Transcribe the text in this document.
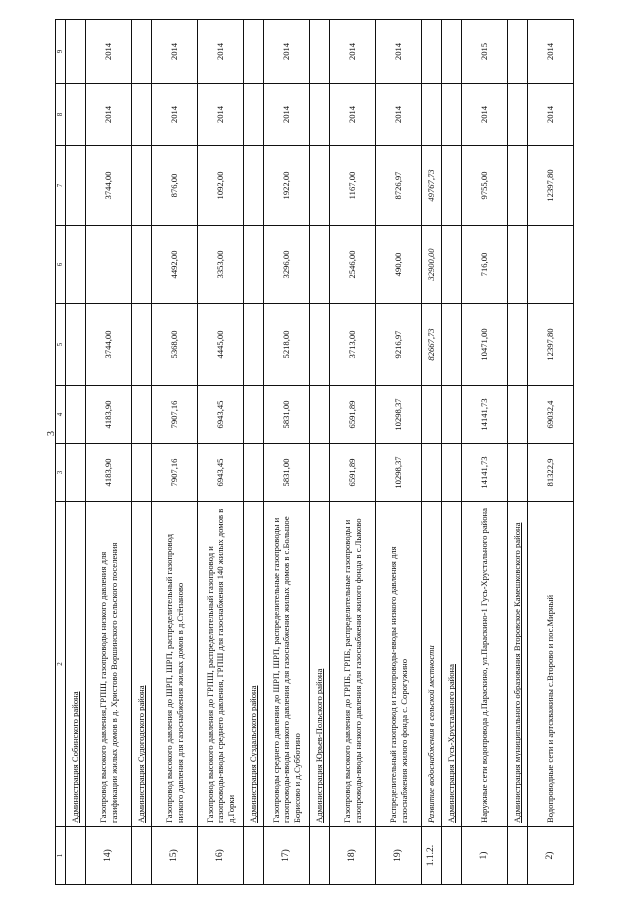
3
1	2	3	4	5	6	7	8	9
	Администрация Собинского района							
14)	Газопровод высокого давления,ГРПШ, газопроводы низкого давления для газификации жилых домов в д. Христово Воршинского сельского поселения	4183,90	4183,90	3744,00		3744,00	2014	2014
	Администрация Судогодского района							
15)	Газопровод высокого давления до ШРП, ШРП, распределительный газопровод низкого давления для газоснабжения жилых домов в д.Стёпаново	7907,16	7907,16	5368,00	4492,00	876,00	2014	2014
16)	Газопровод высокого давления до ГРПШ, распределительный газопровод и газопроводы-вводы среднего давления, ГРПШ для газоснабжения 140 жилых домов в д.Горки	6943,45	6943,45	4445,00	3353,00	1092,00	2014	2014
	Администрация Суздальского района							
17)	Газопроводы среднего давления до ШРП, ШРП, распределительные газопроводы и газопроводы-вводы низкого давления для газоснабжения жилых домов в с.Большое Борисово и д.Субботино	5831,00	5831,00	5218,00	3296,00	1922,00	2014	2014
	Администрация Юрьев-Польского района							
18)	Газопровод высокого давления до ГРПБ, ГРПБ, распределительные газопроводы и газопроводы-вводы низкого давления для газоснабжения жилого фонда в с.Лыково	6591,89	6591,89	3713,00	2546,00	1167,00	2014	2014
19)	Распределительный газопровод и газопроводы-вводы низкого давления для газоснабжения жилого фонда с. Сорогужино	10298,37	10298,37	9216,97	490,00	8726,97	2014	2014
1.1.2.	Развитие водоснабжения в сельской местности			82667,73	32900,00	49767,73		
	Администрация Гусь-Хрустального района							
1)	Наружные сети водопровода д.Параскино, ул.Параскино-1 Гусь-Хрустального района	14141,73	14141,73	10471,00	716,00	9755,00	2014	2015
	Администрация муниципального образования Второвское Камешковского района							
2)	Водопроводные сети и артскважины с.Второво и пос.Мирный	81322,9	69032,4	12397,80		12397,80	2014	2014
